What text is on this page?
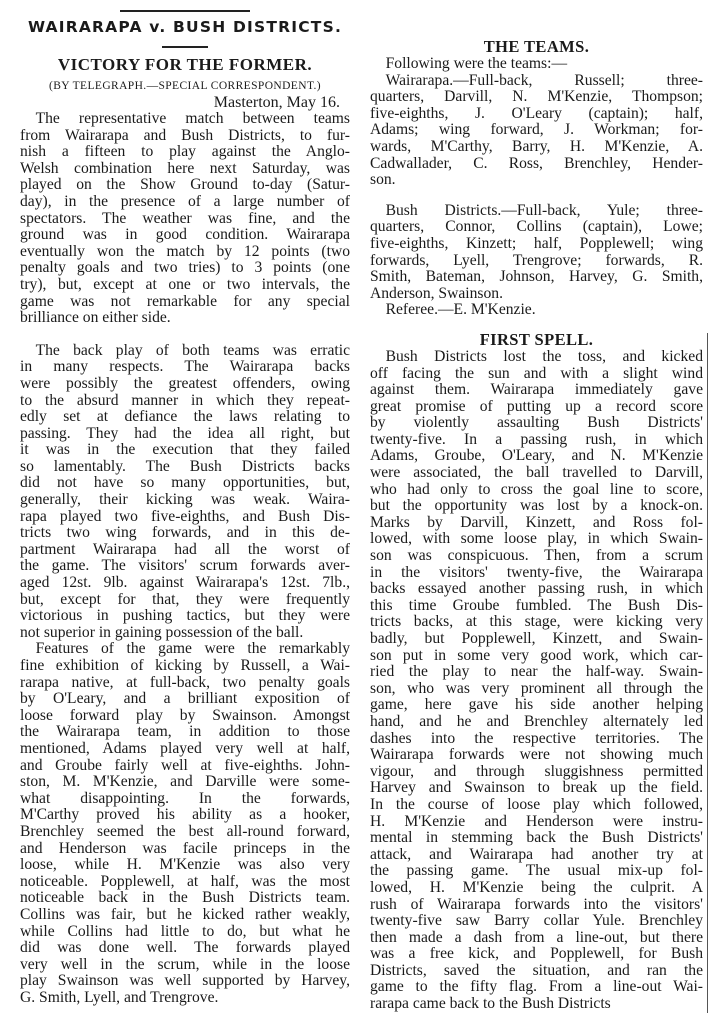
WAIRARAPA v. BUSH DISTRICTS.
VICTORY FOR THE FORMER.
(BY TELEGRAPH.—SPECIAL CORRESPONDENT.)
Masterton, May 16.
 The representative match between teams
from Wairarapa and Bush Districts, to fur-
nish a fifteen to play against the Anglo-
Welsh combination here next Saturday, was
played on the Show Ground to-day (Satur-
day), in the presence of a large number of
spectators. The weather was fine, and the
ground was in good condition. Wairarapa
eventually won the match by 12 points (two
penalty goals and two tries) to 3 points (one
try), but, except at one or two intervals, the
game was not remarkable for any special
brilliance on either side.
 The back play of both teams was erratic
in many respects. The Wairarapa backs
were possibly the greatest offenders, owing
to the absurd manner in which they repeat-
edly set at defiance the laws relating to
passing. They had the idea all right, but
it was in the execution that they failed
so lamentably. The Bush Districts backs
did not have so many opportunities, but,
generally, their kicking was weak. Waira-
rapa played two five-eighths, and Bush Dis-
tricts two wing forwards, and in this de-
partment Wairarapa had all the worst of
the game. The visitors' scrum forwards aver-
aged 12st. 9lb. against Wairarapa's 12st. 7lb.,
but, except for that, they were frequently
victorious in pushing tactics, but they were
not superior in gaining possession of the ball.
 Features of the game were the remarkably
fine exhibition of kicking by Russell, a Wai-
rarapa native, at full-back, two penalty goals
by O'Leary, and a brilliant exposition of
loose forward play by Swainson. Amongst
the Wairarapa team, in addition to those
mentioned, Adams played very well at half,
and Groube fairly well at five-eighths. John-
ston, M. M'Kenzie, and Darville were some-
what disappointing. In the forwards,
M'Carthy proved his ability as a hooker,
Brenchley seemed the best all-round forward,
and Henderson was facile princeps in the
loose, while H. M'Kenzie was also very
noticeable. Popplewell, at half, was the most
noticeable back in the Bush Districts team.
Collins was fair, but he kicked rather weakly,
while Collins had little to do, but what he
did was done well. The forwards played
very well in the scrum, while in the loose
play Swainson was well supported by Harvey,
G. Smith, Lyell, and Trengrove.
THE TEAMS.
 Following were the teams:—
 Wairarapa.—Full-back, Russell; three-
quarters, Darvill, N. M'Kenzie, Thompson;
five-eighths, J. O'Leary (captain); half,
Adams; wing forward, J. Workman; for-
wards, M'Carthy, Barry, H. M'Kenzie, A.
Cadwallader, C. Ross, Brenchley, Hender-
son.
 Bush Districts.—Full-back, Yule; three-
quarters, Connor, Collins (captain), Lowe;
five-eighths, Kinzett; half, Popplewell; wing
forwards, Lyell, Trengrove; forwards, R.
Smith, Bateman, Johnson, Harvey, G. Smith,
Anderson, Swainson.
 Referee.—E. M'Kenzie.
FIRST SPELL.
 Bush Districts lost the toss, and kicked
off facing the sun and with a slight wind
against them. Wairarapa immediately gave
great promise of putting up a record score
by violently assaulting Bush Districts'
twenty-five. In a passing rush, in which
Adams, Groube, O'Leary, and N. M'Kenzie
were associated, the ball travelled to Darvill,
who had only to cross the goal line to score,
but the opportunity was lost by a knock-on.
Marks by Darvill, Kinzett, and Ross fol-
lowed, with some loose play, in which Swain-
son was conspicuous. Then, from a scrum
in the visitors' twenty-five, the Wairarapa
backs essayed another passing rush, in which
this time Groube fumbled. The Bush Dis-
tricts backs, at this stage, were kicking very
badly, but Popplewell, Kinzett, and Swain-
son put in some very good work, which car-
ried the play to near the half-way. Swain-
son, who was very prominent all through the
game, here gave his side another helping
hand, and he and Brenchley alternately led
dashes into the respective territories. The
Wairarapa forwards were not showing much
vigour, and through sluggishness permitted
Harvey and Swainson to break up the field.
In the course of loose play which followed,
H. M'Kenzie and Henderson were instru-
mental in stemming back the Bush Districts'
attack, and Wairarapa had another try at
the passing game. The usual mix-up fol-
lowed, H. M'Kenzie being the culprit. A
rush of Wairarapa forwards into the visitors'
twenty-five saw Barry collar Yule. Brenchley
then made a dash from a line-out, but there
was a free kick, and Popplewell, for Bush
Districts, saved the situation, and ran the
game to the fifty flag. From a line-out Wai-
rarapa came back to the Bush Districts
